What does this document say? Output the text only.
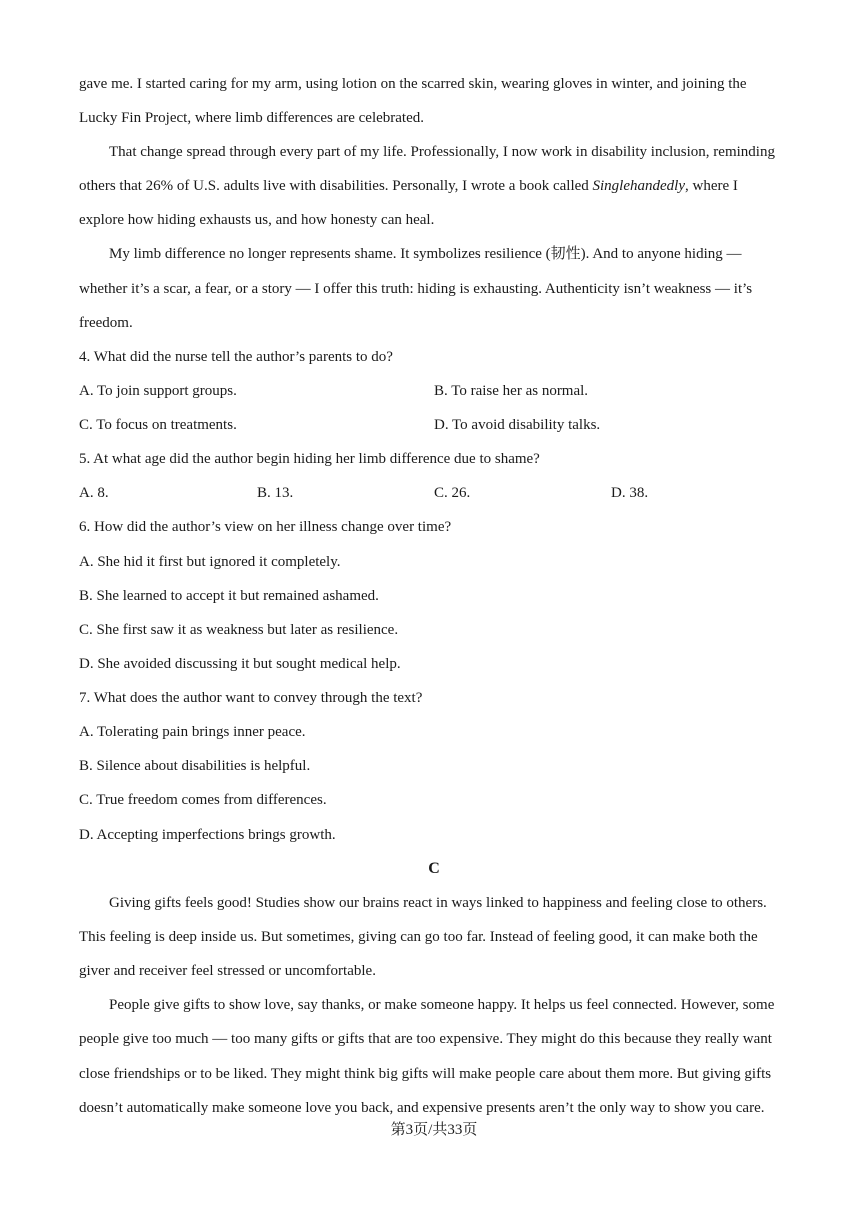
gave me. I started caring for my arm, using lotion on the scarred skin, wearing gloves in winter, and joining the
Lucky Fin Project, where limb differences are celebrated.
That change spread through every part of my life. Professionally, I now work in disability inclusion, reminding
others that 26% of U.S. adults live with disabilities. Personally, I wrote a book called Singlehandedly, where I
explore how hiding exhausts us, and how honesty can heal.
My limb difference no longer represents shame. It symbolizes resilience (韧性). And to anyone hiding —
whether it’s a scar, a fear, or a story — I offer this truth: hiding is exhausting. Authenticity isn’t weakness — it’s
freedom.
4. What did the nurse tell the author’s parents to do?
A. To join support groups.	B. To raise her as normal.
C. To focus on treatments.	D. To avoid disability talks.
5. At what age did the author begin hiding her limb difference due to shame?
A. 8.	B. 13.	C. 26.	D. 38.
6. How did the author’s view on her illness change over time?
A. She hid it first but ignored it completely.
B. She learned to accept it but remained ashamed.
C. She first saw it as weakness but later as resilience.
D. She avoided discussing it but sought medical help.
7. What does the author want to convey through the text?
A. Tolerating pain brings inner peace.
B. Silence about disabilities is helpful.
C. True freedom comes from differences.
D. Accepting imperfections brings growth.
C
Giving gifts feels good! Studies show our brains react in ways linked to happiness and feeling close to others.
This feeling is deep inside us. But sometimes, giving can go too far. Instead of feeling good, it can make both the
giver and receiver feel stressed or uncomfortable.
People give gifts to show love, say thanks, or make someone happy. It helps us feel connected. However, some
people give too much — too many gifts or gifts that are too expensive. They might do this because they really want
close friendships or to be liked. They might think big gifts will make people care about them more. But giving gifts
doesn’t automatically make someone love you back, and expensive presents aren’t the only way to show you care.
第3页/共33页
